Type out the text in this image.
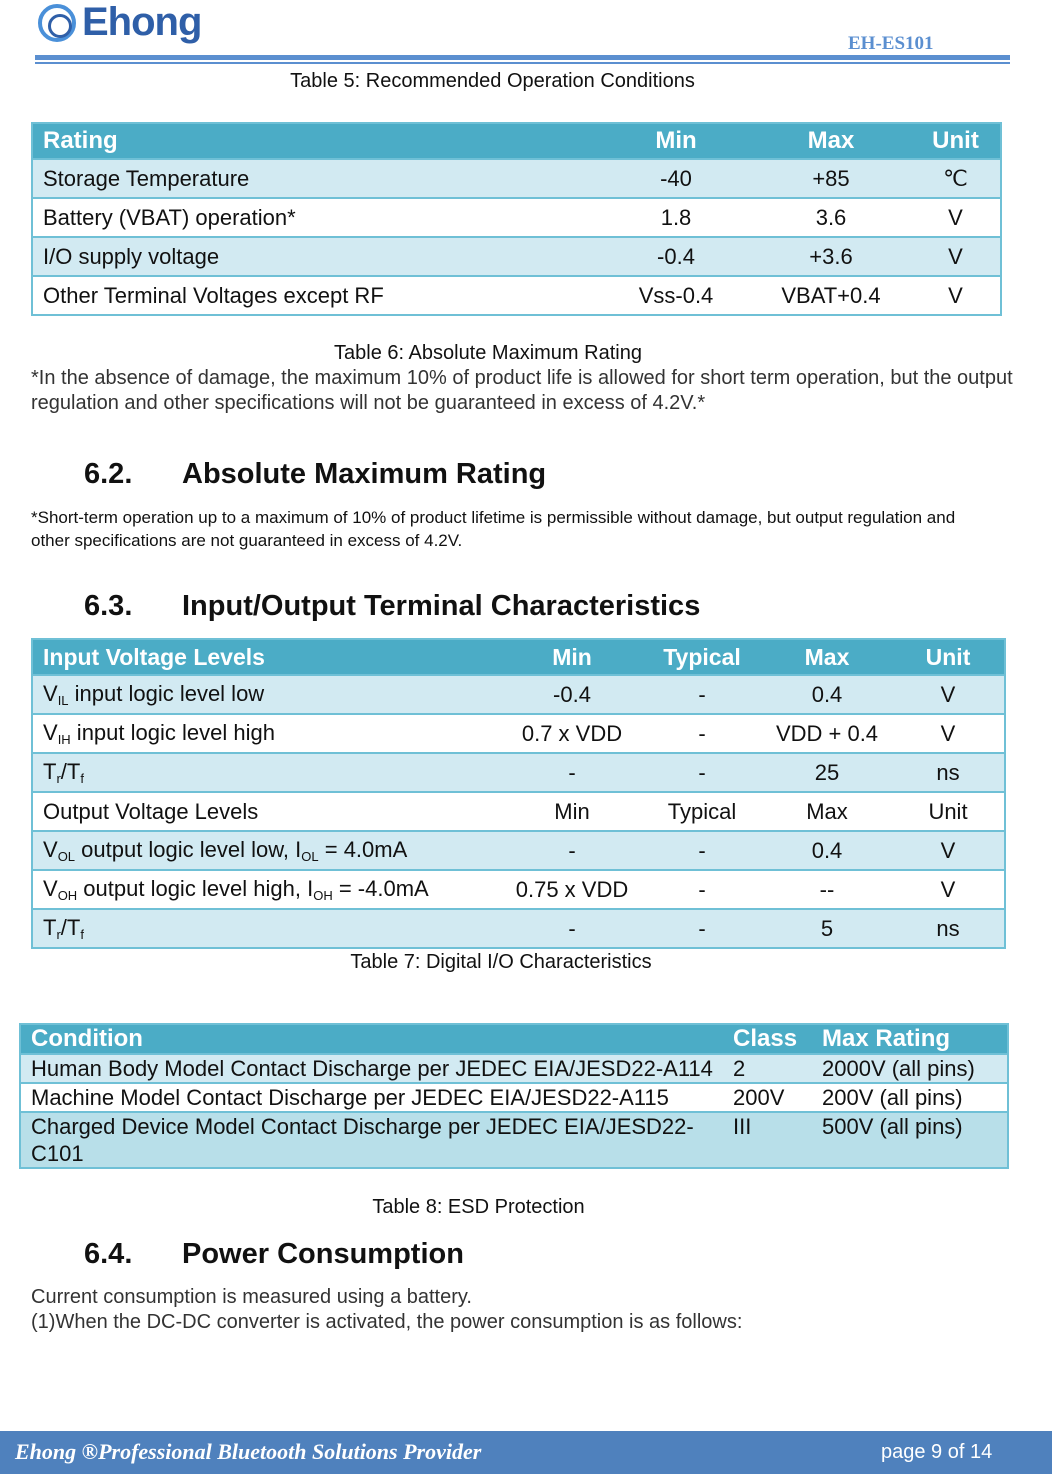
Ehong	EH-ES101
Table 5: Recommended Operation Conditions
Rating	Min	Max	Unit
Storage Temperature	-40	+85	℃
Battery (VBAT) operation*	1.8	3.6	V
I/O supply voltage	-0.4	+3.6	V
Other Terminal Voltages except RF	Vss-0.4	VBAT+0.4	V
Table 6: Absolute Maximum Rating
*In the absence of damage, the maximum 10% of product life is allowed for short term operation, but the output regulation and other specifications will not be guaranteed in excess of 4.2V.*
6.2. Absolute Maximum Rating
*Short-term operation up to a maximum of 10% of product lifetime is permissible without damage, but output regulation and other specifications are not guaranteed in excess of 4.2V.
6.3. Input/Output Terminal Characteristics
Input Voltage Levels	Min	Typical	Max	Unit
$V_{IL}$ input logic level low	-0.4	-	0.4	V
$V_{IH}$ input logic level high	0.7 x VDD	-	VDD + 0.4	V
$T_r/T_f$	-	-	25	ns
Output Voltage Levels	Min	Typical	Max	Unit
$V_{OL}$ output logic level low, $I_{OL} = 4.0mA$	-	-	0.4	V
$V_{OH}$ output logic level high, $I_{OH} = -4.0mA$	0.75 x VDD	-	--	V
$T_r/T_f$	-	-	5	ns
Table 7: Digital I/O Characteristics
Condition	Class	Max Rating
Human Body Model Contact Discharge per JEDEC EIA/JESD22-A114	2	2000V (all pins)
Machine Model Contact Discharge per JEDEC EIA/JESD22-A115	200V	200V (all pins)
Charged Device Model Contact Discharge per JEDEC EIA/JESD22-C101	III	500V (all pins)
Table 8: ESD Protection
6.4. Power Consumption
Current consumption is measured using a battery.
(1)When the DC-DC converter is activated, the power consumption is as follows:
Ehong ®Professional Bluetooth Solutions Provider	page 9 of 14
